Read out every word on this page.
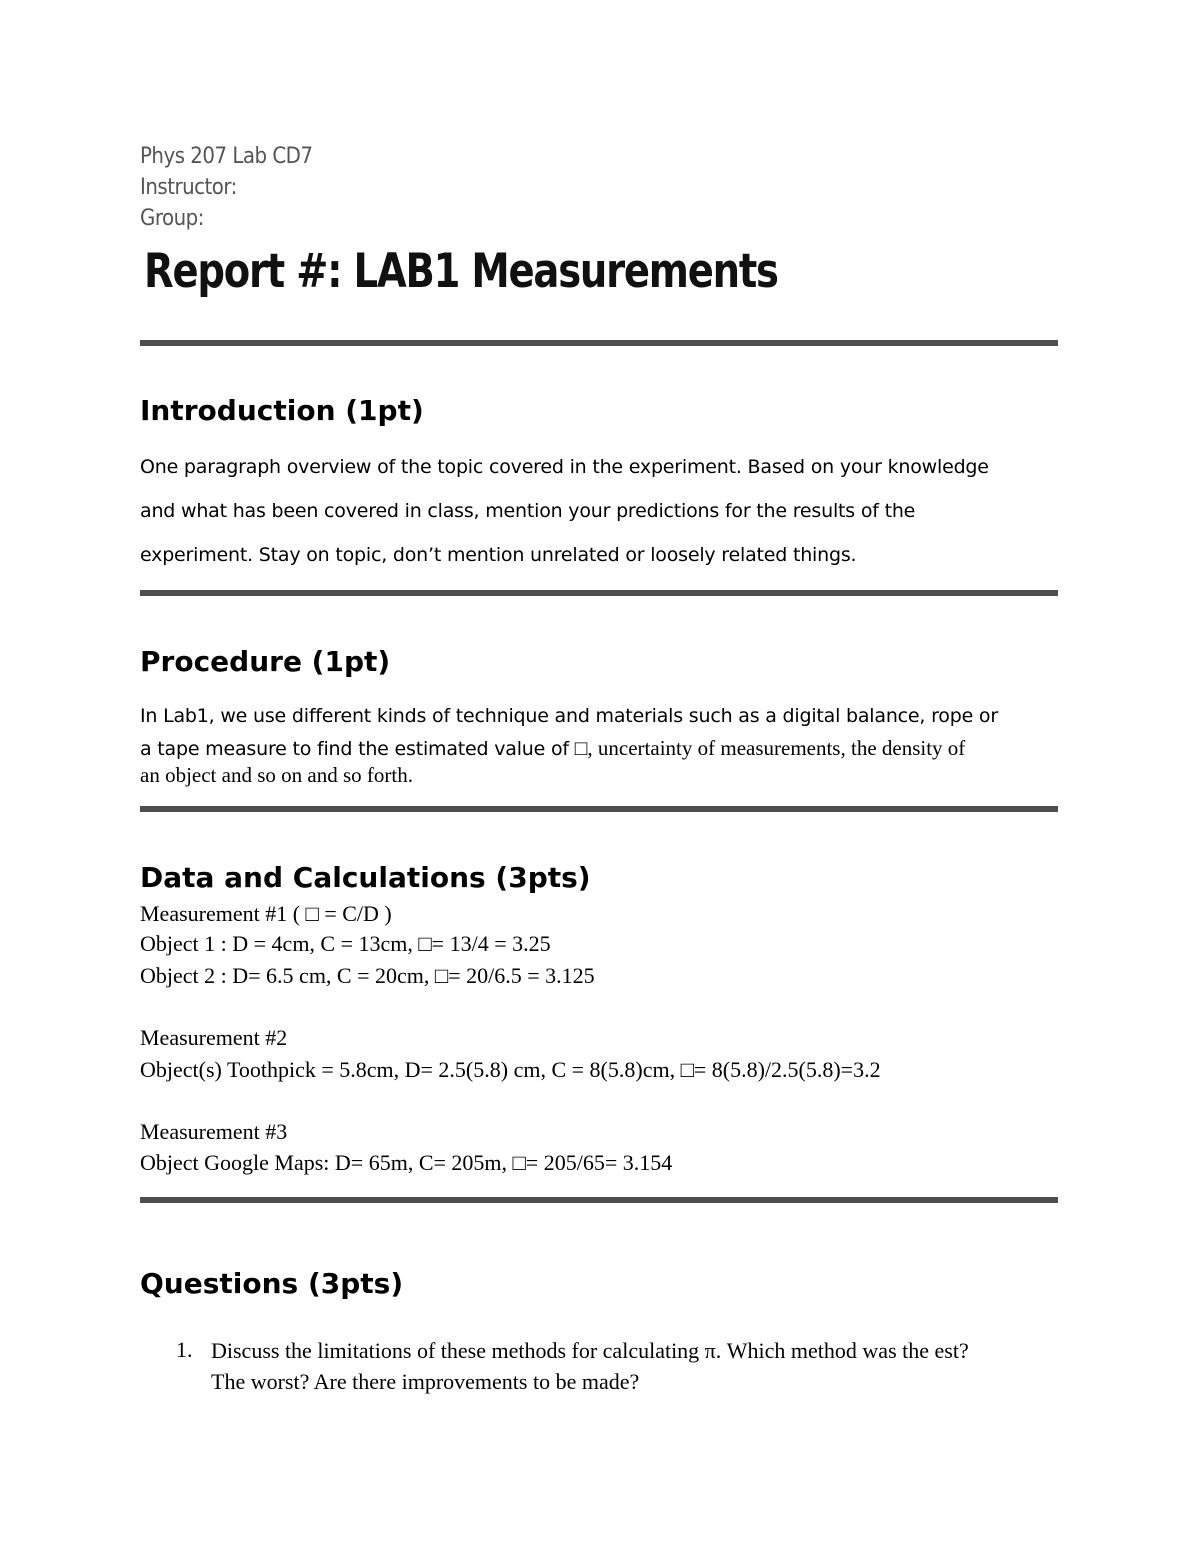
Phys 207 Lab CD7

Instructor:

Group:

Report #: LAB1 Measurements
Introduction (1pt)

One paragraph overview of the topic covered in the experiment. Based on your knowledge

and what has been covered in class, mention your predictions for the results of the

experiment. Stay on topic, don’t mention unrelated or loosely related things.

Procedure (1pt)

In Lab1, we use different kinds of technique and materials such as a digital balance, rope or

a tape measure to find the estimated value of □, uncertainty of measurements, the density of

an object and so on and so forth.

Data and Calculations (3pts)

Measurement #1 ( □ = C/D )

Object 1 : D = 4cm, C = 13cm, □= 13/4 = 3.25

Object 2 : D= 6.5 cm, C = 20cm, □= 20/6.5 = 3.125

Measurement #2

Object(s) Toothpick = 5.8cm, D= 2.5(5.8) cm, C = 8(5.8)cm, □= 8(5.8)/2.5(5.8)=3.2

Measurement #3

Object Google Maps: D= 65m, C= 205m, □= 205/65= 3.154

Questions (3pts)
1. Discuss the limitations of these methods for calculating π. Which method was the est?

The worst? Are there improvements to be made?
